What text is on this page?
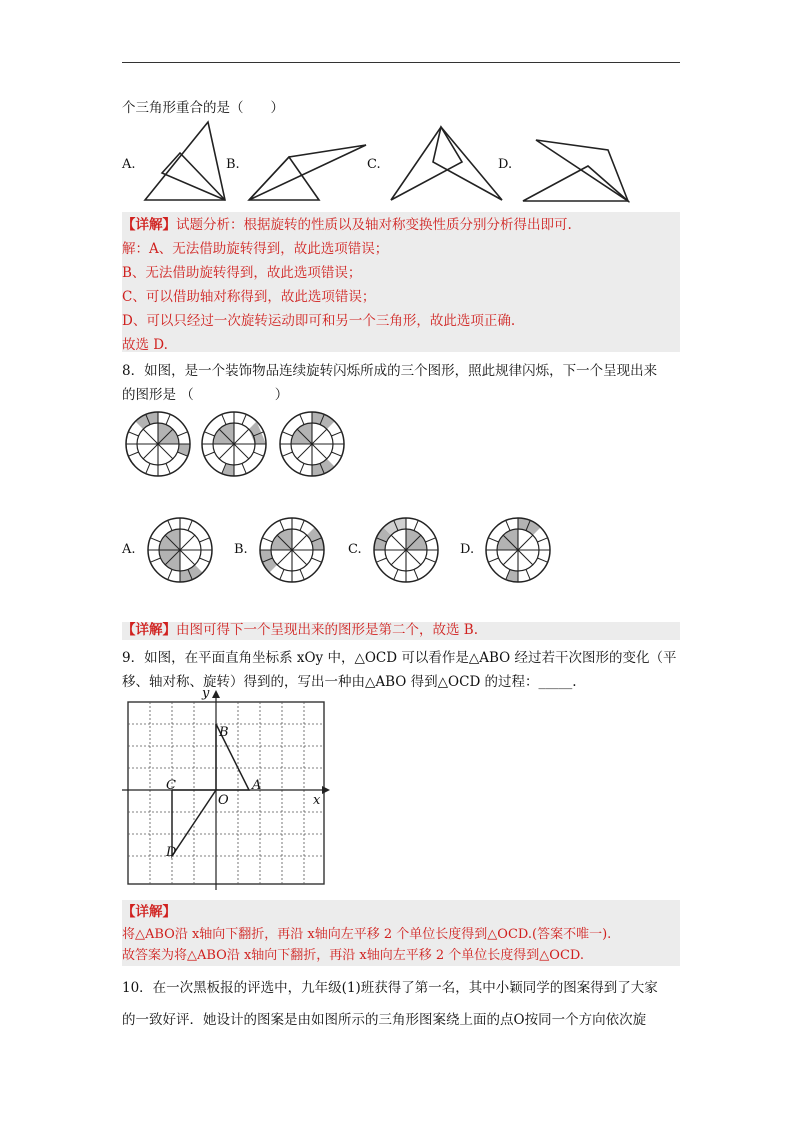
个三角形重合的是（　　）
A.	B.	C.	D.
【详解】试题分析：根据旋转的性质以及轴对称变换性质分别分析得出即可.
解：A、无法借助旋转得到，故此选项错误；
B、无法借助旋转得到，故此选项错误；
C、可以借助轴对称得到，故此选项错误；
D、可以只经过一次旋转运动即可和另一个三角形，故此选项正确.
故选 D.
8．如图，是一个装饰物品连续旋转闪烁所成的三个图形，照此规律闪烁，下一个呈现出来
的图形是 （　　　　　　）
A.	B.	C.	D.
【详解】由图可得下一个呈现出来的图形是第二个，故选 B.
9．如图，在平面直角坐标系 xOy 中，△OCD 可以看作是△ABO 经过若干次图形的变化（平
移、轴对称、旋转）得到的，写出一种由△ABO 得到△OCD 的过程：_____.
y
x
B
A
C
O
D
【详解】
将△ABO沿 x轴向下翻折，再沿 x轴向左平移 2 个单位长度得到△OCD.(答案不唯一).
故答案为将△ABO沿 x轴向下翻折，再沿 x轴向左平移 2 个单位长度得到△OCD.
10．在一次黑板报的评选中，九年级(1)班获得了第一名，其中小颖同学的图案得到了大家
的一致好评．她设计的图案是由如图所示的三角形图案绕上面的点O按同一个方向依次旋
